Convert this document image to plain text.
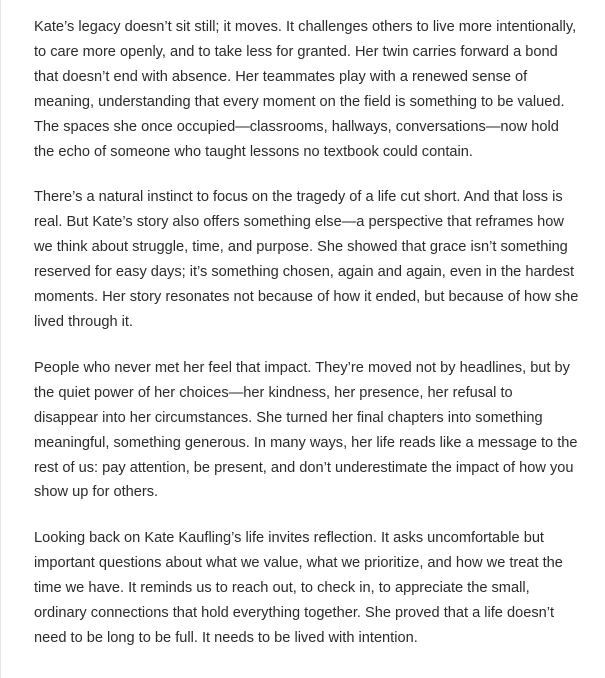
Kate’s legacy doesn’t sit still; it moves. It challenges others to live more intentionally, to care more openly, and to take less for granted. Her twin carries forward a bond that doesn’t end with absence. Her teammates play with a renewed sense of meaning, understanding that every moment on the field is something to be valued. The spaces she once occupied—classrooms, hallways, conversations—now hold the echo of someone who taught lessons no textbook could contain.

There’s a natural instinct to focus on the tragedy of a life cut short. And that loss is real. But Kate’s story also offers something else—a perspective that reframes how we think about struggle, time, and purpose. She showed that grace isn’t something reserved for easy days; it’s something chosen, again and again, even in the hardest moments. Her story resonates not because of how it ended, but because of how she lived through it.

People who never met her feel that impact. They’re moved not by headlines, but by the quiet power of her choices—her kindness, her presence, her refusal to disappear into her circumstances. She turned her final chapters into something meaningful, something generous. In many ways, her life reads like a message to the rest of us: pay attention, be present, and don’t underestimate the impact of how you show up for others.

Looking back on Kate Kaufling’s life invites reflection. It asks uncomfortable but important questions about what we value, what we prioritize, and how we treat the time we have. It reminds us to reach out, to check in, to appreciate the small, ordinary connections that hold everything together. She proved that a life doesn’t need to be long to be full. It needs to be lived with intention.
